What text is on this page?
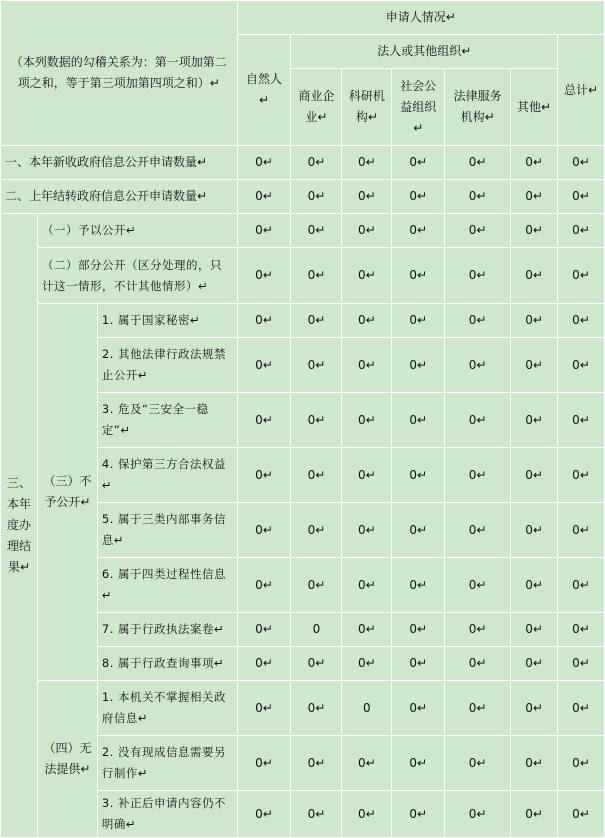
（本列数据的勾稽关系为：第一项加第二项之和，等于第三项加第四项之和）↵			申请人情况↵						
			自然人↵	法人或其他组织↵					总计↵
				商业企业↵	科研机构↵	社会公益组织↵	法律服务机构↵	其他↵	
一、本年新收政府信息公开申请数量↵			0↵	0↵	0↵	0↵	0↵	0↵	0↵
二、上年结转政府信息公开申请数量↵			0↵	0↵	0↵	0↵	0↵	0↵	0↵
三、本年度办理结果↵	（一）予以公开↵		0↵	0↵	0↵	0↵	0↵	0↵	0↵
	（二）部分公开（区分处理的，只计这一情形，不计其他情形）↵		0↵	0↵	0↵	0↵	0↵	0↵	0↵
	（三）不予公开↵	1. 属于国家秘密↵	0↵	0↵	0↵	0↵	0↵	0↵	0↵
		2. 其他法律行政法规禁止公开↵	0↵	0↵	0↵	0↵	0↵	0↵	0↵
		3. 危及“三安全一稳定”↵	0↵	0↵	0↵	0↵	0↵	0↵	0↵
		4. 保护第三方合法权益↵	0↵	0↵	0↵	0↵	0↵	0↵	0↵
		5. 属于三类内部事务信息↵	0↵	0↵	0↵	0↵	0↵	0↵	0↵
		6. 属于四类过程性信息↵	0↵	0↵	0↵	0↵	0↵	0↵	0↵
		7. 属于行政执法案卷↵	0↵	0	0↵	0↵	0↵	0↵	0↵
		8. 属于行政查询事项↵	0↵	0↵	0↵	0↵	0↵	0↵	0↵
	（四）无法提供↵	1. 本机关不掌握相关政府信息↵	0↵	0↵	0	0↵	0↵	0↵	0↵
		2. 没有现成信息需要另行制作↵	0↵	0↵	0↵	0↵	0↵	0↵	0↵
		3. 补正后申请内容仍不明确↵	0↵	0↵	0↵	0↵	0↵	0↵	0↵
